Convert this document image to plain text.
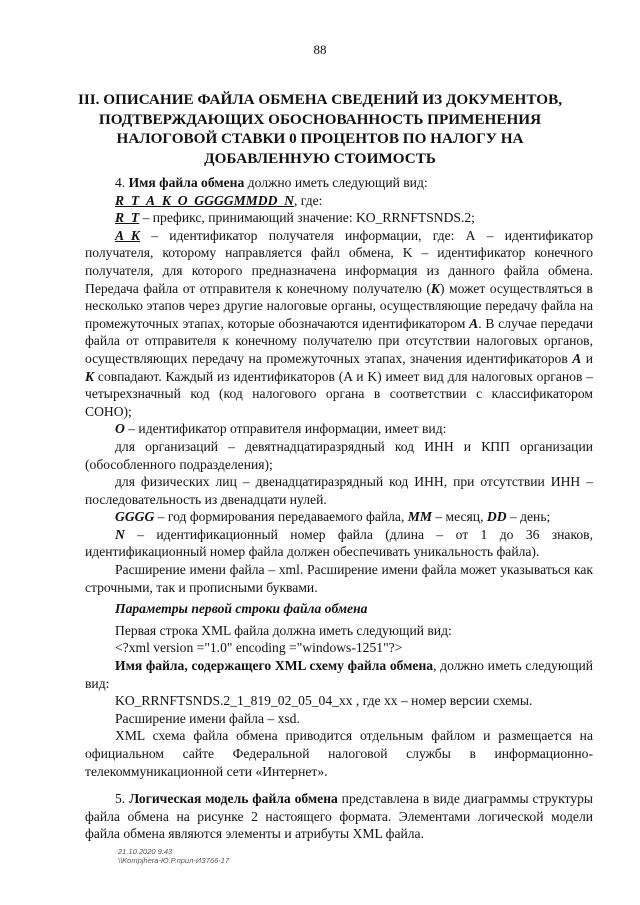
88
III. ОПИСАНИЕ ФАЙЛА ОБМЕНА СВЕДЕНИЙ ИЗ ДОКУМЕНТОВ,
ПОДТВЕРЖДАЮЩИХ ОБОСНОВАННОСТЬ ПРИМЕНЕНИЯ
НАЛОГОВОЙ СТАВКИ 0 ПРОЦЕНТОВ ПО НАЛОГУ НА
ДОБАВЛЕННУЮ СТОИМОСТЬ

4. Имя файла обмена должно иметь следующий вид:

R_T_A_K_O_GGGGMMDD_N, где:

R_T – префикс, принимающий значение: KO_RRNFTSNDS.2;

A_K – идентификатор получателя информации, где: А – идентификатор получателя, которому направляется файл обмена, K – идентификатор конечного получателя, для которого предназначена информация из данного файла обмена. Передача файла от отправителя к конечному получателю (K) может осуществляться в несколько этапов через другие налоговые органы, осуществляющие передачу файла на промежуточных этапах, которые обозначаются идентификатором A. В случае передачи файла от отправителя к конечному получателю при отсутствии налоговых органов, осуществляющих передачу на промежуточных этапах, значения идентификаторов A и K совпадают. Каждый из идентификаторов (A и K) имеет вид для налоговых органов – четырехзначный код (код налогового органа в соответствии с классификатором СОНО);

O – идентификатор отправителя информации, имеет вид:

для организаций – девятнадцатиразрядный код ИНН и КПП организации (обособленного подразделения);

для физических лиц – двенадцатиразрядный код ИНН, при отсутствии ИНН – последовательность из двенадцати нулей.

GGGG – год формирования передаваемого файла, MM – месяц, DD – день;

N – идентификационный номер файла (длина – от 1 до 36 знаков, идентификационный номер файла должен обеспечивать уникальность файла).

Расширение имени файла – xml. Расширение имени файла может указываться как строчными, так и прописными буквами.

Параметры первой строки файла обмена

Первая строка XML файла должна иметь следующий вид:

<?xml version ="1.0" encoding ="windows-1251"?>

Имя файла, содержащего XML схему файла обмена, должно иметь следующий вид:

KO_RRNFTSNDS.2_1_819_02_05_04_xx , где хх – номер версии схемы.

Расширение имени файла – xsd.

XML схема файла обмена приводится отдельным файлом и размещается на официальном сайте Федеральной налоговой службы в информационно-телекоммуникационной сети «Интернет».

5. Логическая модель файла обмена представлена в виде диаграммы структуры файла обмена на рисунке 2 настоящего формата. Элементами логической модели файла обмена являются элементы и атрибуты XML файла.

21.10.2020 9:43
\\Kompjhera-Ю.Р.прил-ИЗ766-17
